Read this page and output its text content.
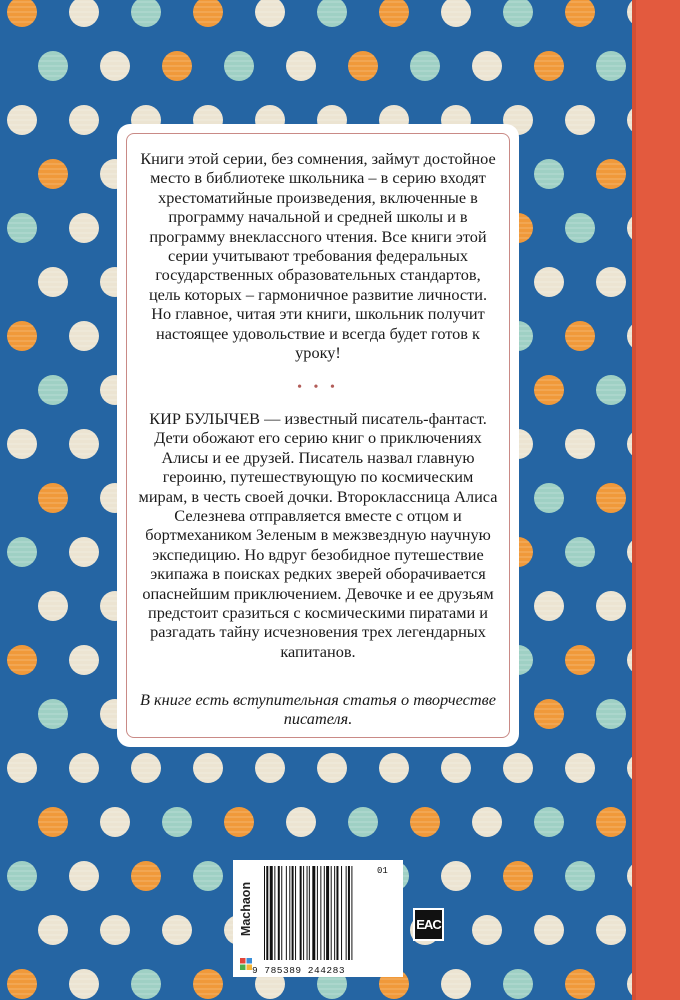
Книги этой серии, без сомнения, займут достойное место в библиотеке школьника – в серию входят хрестоматийные произведения, включенные в программу начальной и средней школы и в программу внеклассного чтения. Все книги этой серии учитывают требования федеральных государственных образовательных стандартов, цель которых – гармоничное развитие личности. Но главное, читая эти книги, школьник получит настоящее удовольствие и всегда будет готов к уроку!
• • •
КИР БУЛЫЧЕВ — известный писатель-фантаст. Дети обожают его серию книг о приключениях Алисы и ее друзей. Писатель назвал главную героиню, путешествующую по космическим мирам, в честь своей дочки. Второклассница Алиса Селезнева отправляется вместе с отцом и бортмехаником Зеленым в межзвездную научную экспедицию. Но вдруг безобидное путешествие экипажа в поисках редких зверей оборачивается опаснейшим приключением. Девочке и ее друзьям предстоит сразиться с космическими пиратами и разгадать тайну исчезновения трех легендарных капитанов.
В книге есть вступительная статья о творчестве писателя.
Machaon
01
9 785389 244283
EAC
